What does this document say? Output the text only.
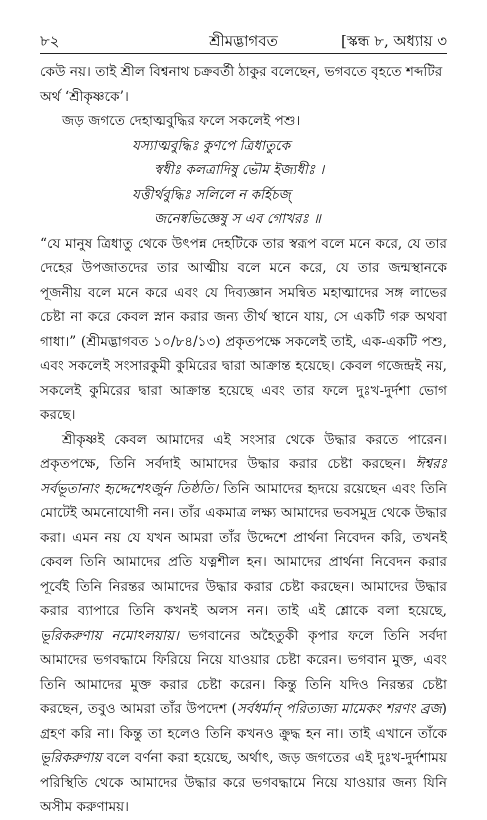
৮২	শ্রীমদ্ভাগবত	[স্কন্ধ ৮, অধ্যায় ৩

কেউ নয়। তাই শ্রীল বিশ্বনাথ চক্রবর্তী ঠাকুর বলেছেন, ভগবতে বৃহতে শব্দটির

অর্থ ‘শ্রীকৃষ্ণকে’।

জড় জগতে দেহাত্মবুদ্ধির ফলে সকলেই পশু।

যস্যাত্মবুদ্ধিঃ কুণপে ত্রিধাতুকে
স্বধীঃ কলত্রাদিষু ভৌম ইজ্যধীঃ ।
যত্তীর্থবুদ্ধিঃ সলিলে ন কর্হিচজ্
জনেষ্বভিজ্ঞেষু স এব গোখরঃ ॥

“যে মানুষ ত্রিধাতু থেকে উৎপন্ন দেহটিকে তার স্বরূপ বলে মনে করে, যে তার দেহের উপজাতদের তার আত্মীয় বলে মনে করে, যে তার জন্মস্থানকে পূজনীয় বলে মনে করে এবং যে দিব্যজ্ঞান সমন্বিত মহাত্মাদের সঙ্গ লাভের চেষ্টা না করে কেবল স্নান করার জন্য তীর্থ স্থানে যায়, সে একটি গরু অথবা গাধা।” (শ্রীমদ্ভাগবত ১০/৮৪/১৩) প্রকৃতপক্ষে সকলেই তাই, এক-একটি পশু, এবং সকলেই সংসারকুমী কুমিরের দ্বারা আক্রান্ত হয়েছে। কেবল গজেন্দ্রই নয়, সকলেই কুমিরের দ্বারা আক্রান্ত হয়েছে এবং তার ফলে দুঃখ-দুর্দশা ভোগ করছে।

শ্রীকৃষ্ণই কেবল আমাদের এই সংসার থেকে উদ্ধার করতে পারেন। প্রকৃতপক্ষে, তিনি সর্বদাই আমাদের উদ্ধার করার চেষ্টা করছেন। ঈশ্বরঃ সর্বভূতানাং হৃদ্দেশেঽর্জুন তিষ্ঠতি। তিনি আমাদের হৃদয়ে রয়েছেন এবং তিনি মোটেই অমনোযোগী নন। তাঁর একমাত্র লক্ষ্য আমাদের ভবসমুদ্র থেকে উদ্ধার করা। এমন নয় যে যখন আমরা তাঁর উদ্দেশে প্রার্থনা নিবেদন করি, তখনই কেবল তিনি আমাদের প্রতি যত্নশীল হন। আমাদের প্রার্থনা নিবেদন করার পূর্বেই তিনি নিরন্তর আমাদের উদ্ধার করার চেষ্টা করছেন। আমাদের উদ্ধার করার ব্যাপারে তিনি কখনই অলস নন। তাই এই শ্লোকে বলা হয়েছে, ভূরিকরুণায় নমোঽলয়ায়। ভগবানের অহৈতুকী কৃপার ফলে তিনি সর্বদা আমাদের ভগবদ্ধামে ফিরিয়ে নিয়ে যাওয়ার চেষ্টা করেন। ভগবান মুক্ত, এবং তিনি আমাদের মুক্ত করার চেষ্টা করেন। কিন্তু তিনি যদিও নিরন্তর চেষ্টা করছেন, তবুও আমরা তাঁর উপদেশ (সর্বধর্মান্ পরিত্যজ্য মামেকং শরণং ব্রজ) গ্রহণ করি না। কিন্তু তা হলেও তিনি কখনও ক্রুদ্ধ হন না। তাই এখানে তাঁকে ভূরিকরুণায় বলে বর্ণনা করা হয়েছে, অর্থাৎ, জড় জগতের এই দুঃখ-দুর্দশাময় পরিস্থিতি থেকে আমাদের উদ্ধার করে ভগবদ্ধামে নিয়ে যাওয়ার জন্য যিনি অসীম করুণাময়।
